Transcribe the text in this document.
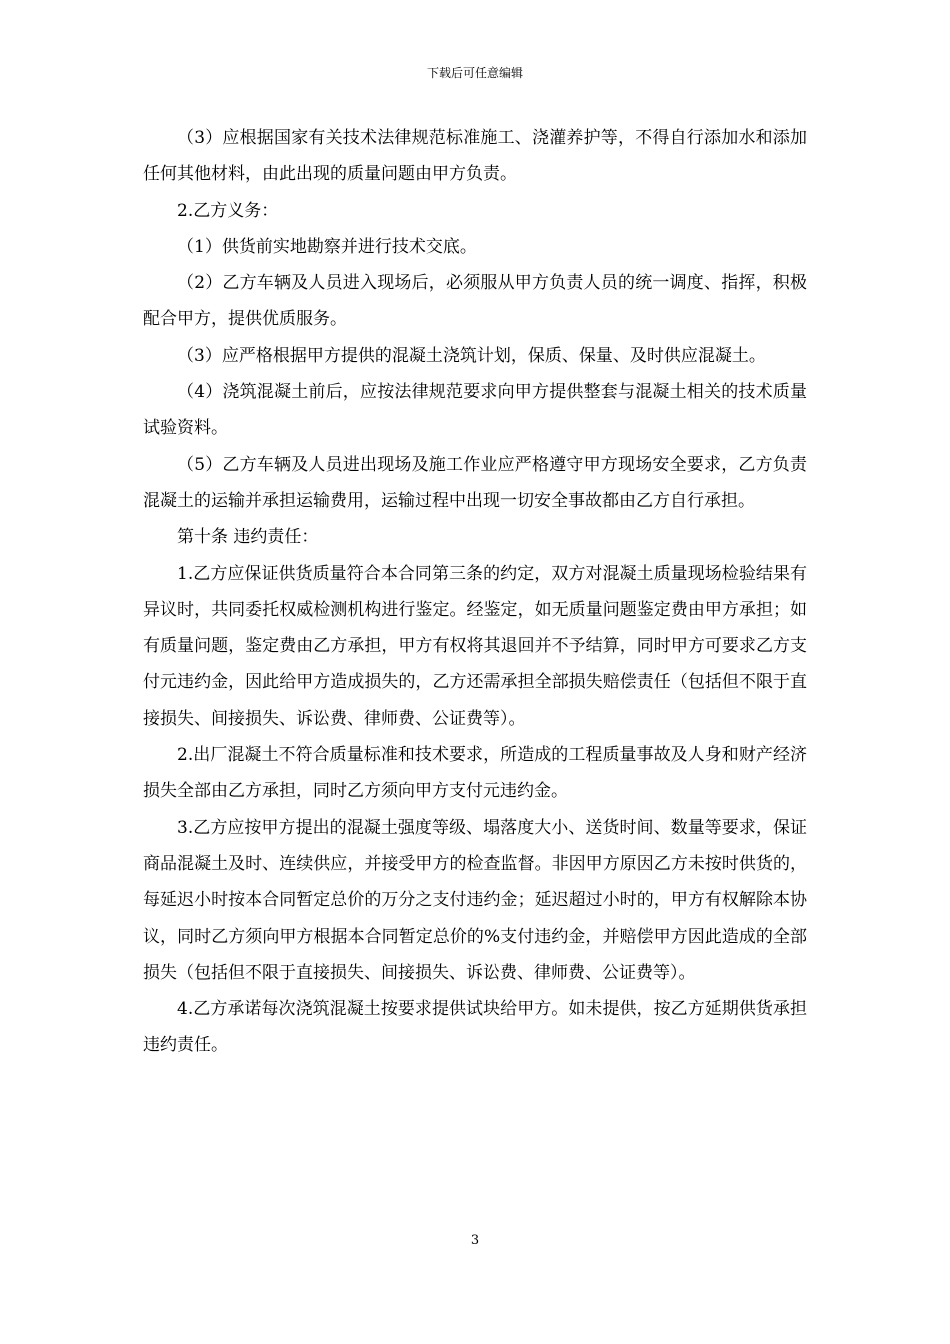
下载后可任意编辑

（3）应根据国家有关技术法律规范标准施工、浇灌养护等，不得自行添加水和添加任何其他材料，由此出现的质量问题由甲方负责。

2.乙方义务：

（1）供货前实地勘察并进行技术交底。

（2）乙方车辆及人员进入现场后，必须服从甲方负责人员的统一调度、指挥，积极配合甲方，提供优质服务。

（3）应严格根据甲方提供的混凝土浇筑计划，保质、保量、及时供应混凝土。

（4）浇筑混凝土前后，应按法律规范要求向甲方提供整套与混凝土相关的技术质量试验资料。

（5）乙方车辆及人员进出现场及施工作业应严格遵守甲方现场安全要求，乙方负责混凝土的运输并承担运输费用，运输过程中出现一切安全事故都由乙方自行承担。

第十条 违约责任：

1.乙方应保证供货质量符合本合同第三条的约定，双方对混凝土质量现场检验结果有异议时，共同委托权威检测机构进行鉴定。经鉴定，如无质量问题鉴定费由甲方承担；如有质量问题，鉴定费由乙方承担，甲方有权将其退回并不予结算，同时甲方可要求乙方支付元违约金，因此给甲方造成损失的，乙方还需承担全部损失赔偿责任（包括但不限于直接损失、间接损失、诉讼费、律师费、公证费等）。

2.出厂混凝土不符合质量标准和技术要求，所造成的工程质量事故及人身和财产经济损失全部由乙方承担，同时乙方须向甲方支付元违约金。

3.乙方应按甲方提出的混凝土强度等级、塌落度大小、送货时间、数量等要求，保证商品混凝土及时、连续供应，并接受甲方的检查监督。非因甲方原因乙方未按时供货的，每延迟小时按本合同暂定总价的万分之支付违约金；延迟超过小时的，甲方有权解除本协议，同时乙方须向甲方根据本合同暂定总价的%支付违约金，并赔偿甲方因此造成的全部损失（包括但不限于直接损失、间接损失、诉讼费、律师费、公证费等）。

4.乙方承诺每次浇筑混凝土按要求提供试块给甲方。如未提供，按乙方延期供货承担违约责任。

3
